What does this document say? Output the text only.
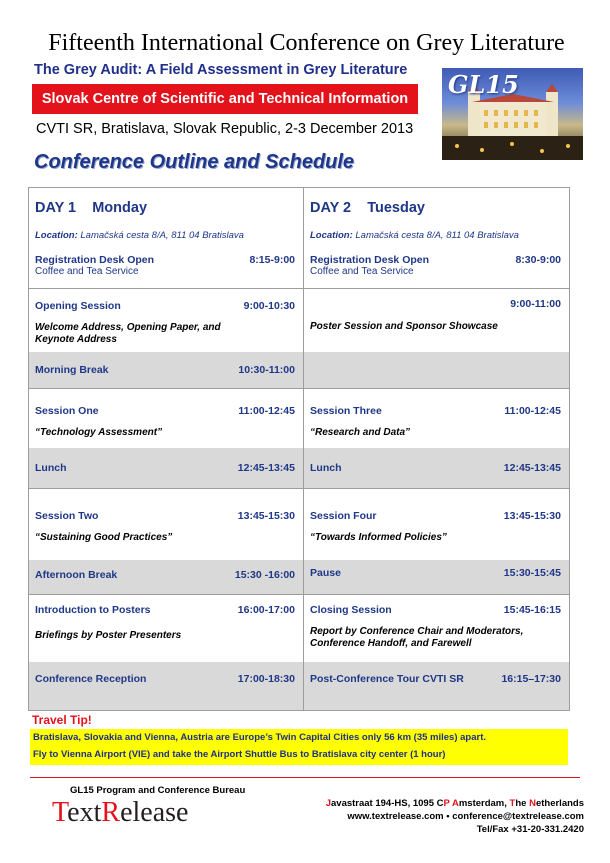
Fifteenth International Conference on Grey Literature
The Grey Audit: A Field Assessment in Grey Literature
Slovak Centre of Scientific and Technical Information
CVTI SR, Bratislava, Slovak Republic, 2-3 December 2013
GL15
Conference Outline and Schedule
DAY 1    Monday
Location: Lamačská cesta 8/A, 811 04 Bratislava
Registration Desk Open	8:15-9:00
Coffee and Tea Service
DAY 2    Tuesday
Location: Lamačská cesta 8/A, 811 04 Bratislava
Registration Desk Open	8:30-9:00
Coffee and Tea Service
Opening Session	9:00-10:30
Welcome Address, Opening Paper, and
Keynote Address
9:00-11:00
Poster Session and Sponsor Showcase
Morning Break	10:30-11:00
Session One	11:00-12:45
“Technology Assessment”
Session Three	11:00-12:45
“Research and Data”
Lunch	12:45-13:45 Lunch	12:45-13:45
Session Two	13:45-15:30
“Sustaining Good Practices”
Session Four	13:45-15:30
“Towards Informed Policies”
Afternoon Break	15:30 -16:00 Pause	15:30-15:45
Introduction to Posters	16:00-17:00
Briefings by Poster Presenters
Closing Session	15:45-16:15
Report by Conference Chair and Moderators,
Conference Handoff, and Farewell
Conference Reception	17:00-18:30 Post-Conference Tour CVTI SR	16:15–17:30
Travel Tip!
Bratislava, Slovakia and Vienna, Austria are Europe’s Twin Capital Cities only 56 km (35 miles) apart.
Fly to Vienna Airport (VIE) and take the Airport Shuttle Bus to Bratislava city center (1 hour)
GL15 Program and Conference Bureau
TextRelease	Javastraat 194-HS, 1095 CP Amsterdam, The Netherlands
www.textrelease.com • conference@textrelease.com
Tel/Fax +31-20-331.2420
